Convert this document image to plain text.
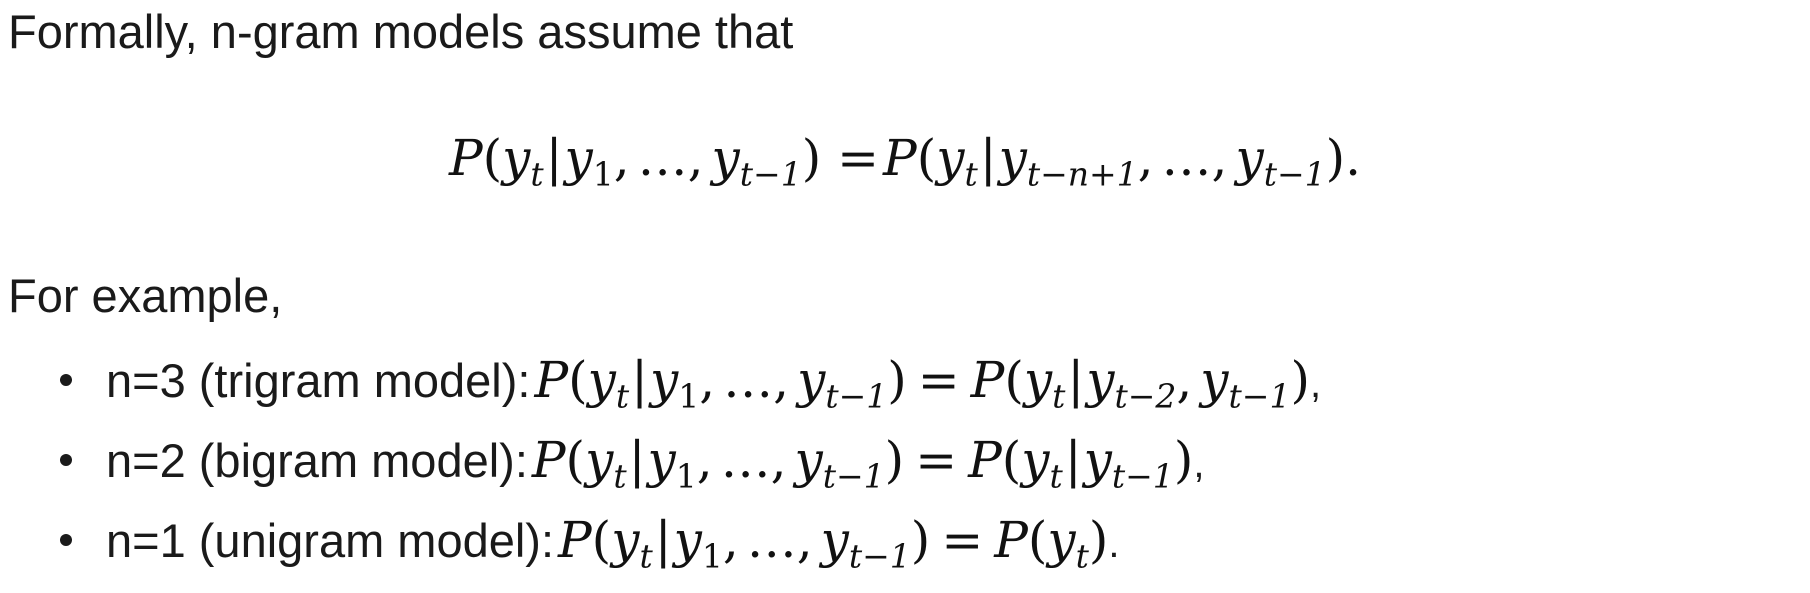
Formally, n-gram models assume that
$P(y_t|y_1$, …, $y_{t-1}) = P(y_t|y_{t-n+1}$, …, $y_{t-1}$).
For example,
n=3 (trigram model): $P(y_t|y_1$, …, $y_{t-1}) = P(y_t|y_{t-2}$, $y_{t-1}$),
n=2 (bigram model): $P(y_t|y_1$, …, $y_{t-1}) = P(y_t|y_{t-1})$,
n=1 (unigram model): $P(y_t|y_1$, …, $y_{t-1}) = P(y_t)$.
